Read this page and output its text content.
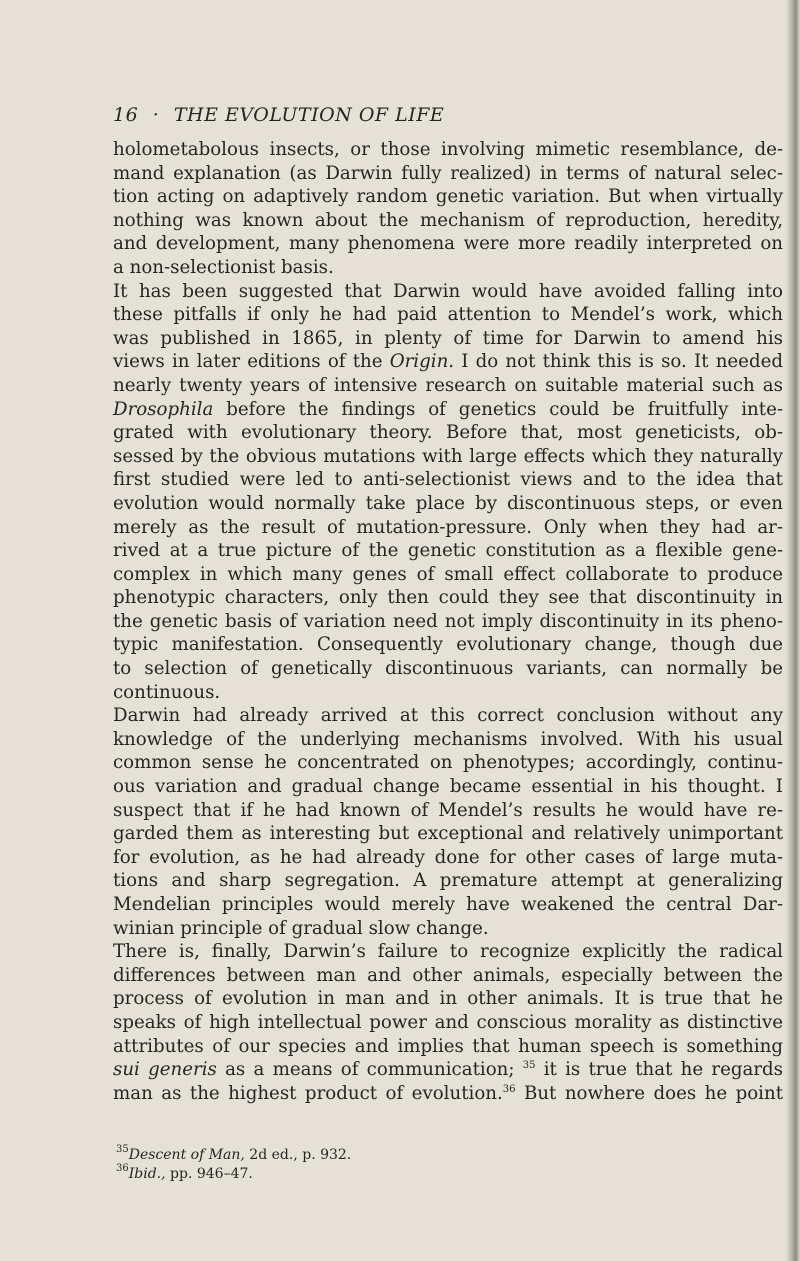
16 · THE EVOLUTION OF LIFE
holometabolous insects, or those involving mimetic resemblance, de-
mand explanation (as Darwin fully realized) in terms of natural selec-
tion acting on adaptively random genetic variation. But when virtually
nothing was known about the mechanism of reproduction, heredity,
and development, many phenomena were more readily interpreted on
a non-selectionist basis.
It has been suggested that Darwin would have avoided falling into
these pitfalls if only he had paid attention to Mendel’s work, which
was published in 1865, in plenty of time for Darwin to amend his
views in later editions of the Origin. I do not think this is so. It needed
nearly twenty years of intensive research on suitable material such as
Drosophila before the findings of genetics could be fruitfully inte-
grated with evolutionary theory. Before that, most geneticists, ob-
sessed by the obvious mutations with large effects which they naturally
first studied were led to anti-selectionist views and to the idea that
evolution would normally take place by discontinuous steps, or even
merely as the result of mutation-pressure. Only when they had ar-
rived at a true picture of the genetic constitution as a flexible gene-
complex in which many genes of small effect collaborate to produce
phenotypic characters, only then could they see that discontinuity in
the genetic basis of variation need not imply discontinuity in its pheno-
typic manifestation. Consequently evolutionary change, though due
to selection of genetically discontinuous variants, can normally be
continuous.
Darwin had already arrived at this correct conclusion without any
knowledge of the underlying mechanisms involved. With his usual
common sense he concentrated on phenotypes; accordingly, continu-
ous variation and gradual change became essential in his thought. I
suspect that if he had known of Mendel’s results he would have re-
garded them as interesting but exceptional and relatively unimportant
for evolution, as he had already done for other cases of large muta-
tions and sharp segregation. A premature attempt at generalizing
Mendelian principles would merely have weakened the central Dar-
winian principle of gradual slow change.
There is, finally, Darwin’s failure to recognize explicitly the radical
differences between man and other animals, especially between the
process of evolution in man and in other animals. It is true that he
speaks of high intellectual power and conscious morality as distinctive
attributes of our species and implies that human speech is something
sui generis as a means of communication; $^{35}$ it is true that he regards
man as the highest product of evolution.$^{36}$ But nowhere does he point
$^{35}$Descent of Man, 2d ed., p. 932.
$^{36}$Ibid., pp. 946–47.
